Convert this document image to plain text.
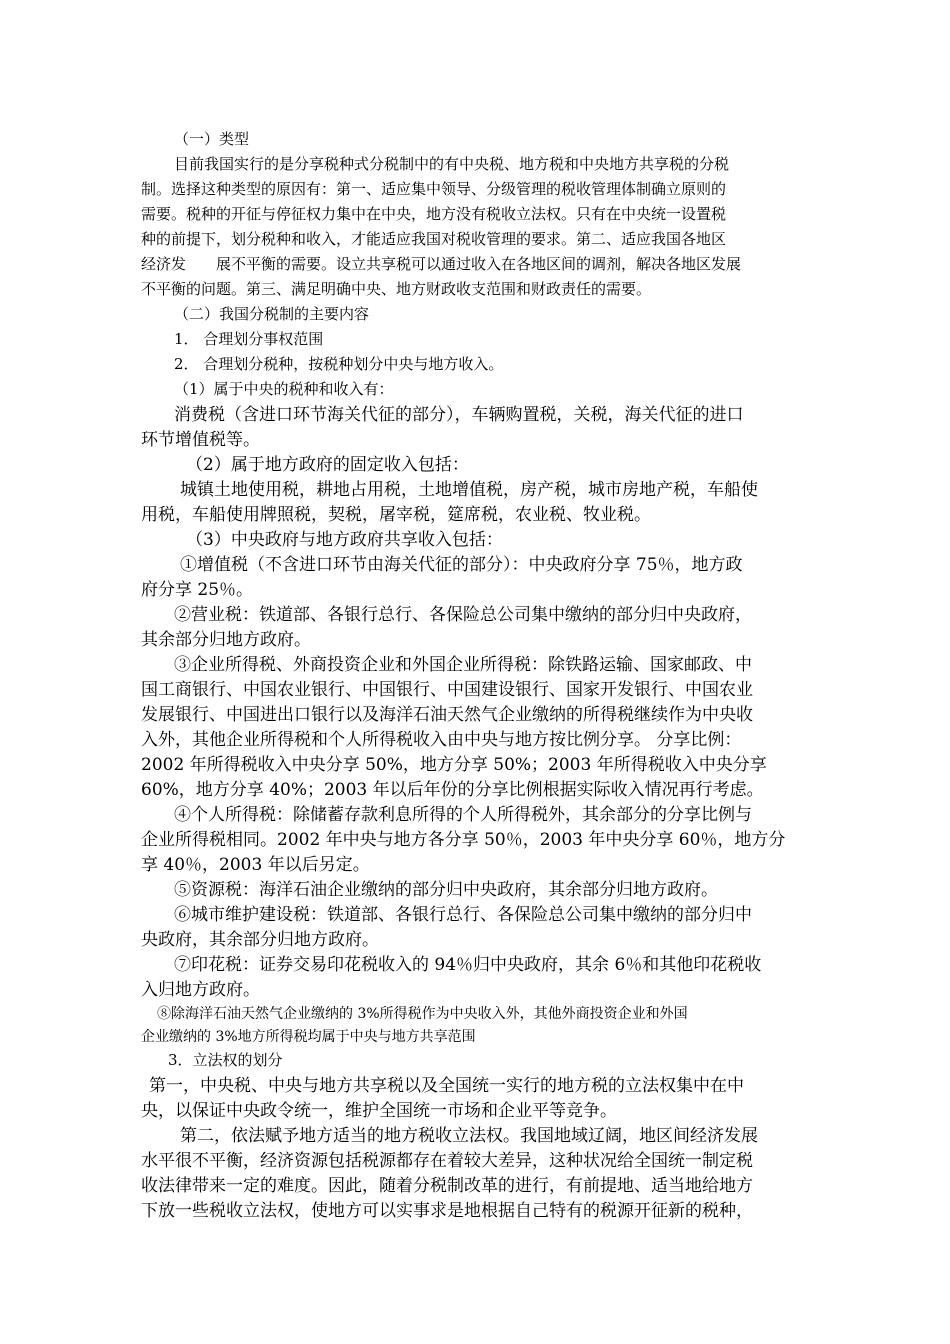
（一）类型
目前我国实行的是分享税种式分税制中的有中央税、地方税和中央地方共享税的分税
制。选择这种类型的原因有：第一、适应集中领导、分级管理的税收管理体制确立原则的
需要。税种的开征与停征权力集中在中央，地方没有税收立法权。只有在中央统一设置税
种的前提下，划分税种和收入，才能适应我国对税收管理的要求。第二、适应我国各地区
经济发　　展不平衡的需要。设立共享税可以通过收入在各地区间的调剂，解决各地区发展
不平衡的问题。第三、满足明确中央、地方财政收支范围和财政责任的需要。
（二）我国分税制的主要内容
1． 合理划分事权范围
2． 合理划分税种，按税种划分中央与地方收入。
（1）属于中央的税种和收入有：
消费税（含进口环节海关代征的部分），车辆购置税，关税，海关代征的进口
环节增值税等。
（2）属于地方政府的固定收入包括：
城镇土地使用税，耕地占用税，土地增值税，房产税，城市房地产税，车船使
用税，车船使用牌照税，契税，屠宰税，筵席税，农业税、牧业税。
（3）中央政府与地方政府共享收入包括：
①增值税（不含进口环节由海关代征的部分）：中央政府分享 75％，地方政
府分享 25％。
②营业税：铁道部、各银行总行、各保险总公司集中缴纳的部分归中央政府，
其余部分归地方政府。
③企业所得税、外商投资企业和外国企业所得税：除铁路运输、国家邮政、中
国工商银行、中国农业银行、中国银行、中国建设银行、国家开发银行、中国农业
发展银行、中国进出口银行以及海洋石油天然气企业缴纳的所得税继续作为中央收
入外，其他企业所得税和个人所得税收入由中央与地方按比例分享。 分享比例：
2002 年所得税收入中央分享 50%，地方分享 50%；2003 年所得税收入中央分享
60%，地方分享 40%；2003 年以后年份的分享比例根据实际收入情况再行考虑。
④个人所得税：除储蓄存款利息所得的个人所得税外，其余部分的分享比例与
企业所得税相同。2002 年中央与地方各分享 50％，2003 年中央分享 60％，地方分
享 40％，2003 年以后另定。
⑤资源税：海洋石油企业缴纳的部分归中央政府，其余部分归地方政府。
⑥城市维护建设税：铁道部、各银行总行、各保险总公司集中缴纳的部分归中
央政府，其余部分归地方政府。
⑦印花税：证券交易印花税收入的 94％归中央政府，其余 6％和其他印花税收
入归地方政府。
⑧除海洋石油天然气企业缴纳的 3%所得税作为中央收入外，其他外商投资企业和外国
企业缴纳的 3%地方所得税均属于中央与地方共享范围
3．立法权的划分
第一，中央税、中央与地方共享税以及全国统一实行的地方税的立法权集中在中
央，以保证中央政令统一，维护全国统一市场和企业平等竞争。
第二，依法赋予地方适当的地方税收立法权。我国地域辽阔，地区间经济发展
水平很不平衡，经济资源包括税源都存在着较大差异，这种状况给全国统一制定税
收法律带来一定的难度。因此，随着分税制改革的进行，有前提地、适当地给地方
下放一些税收立法权，使地方可以实事求是地根据自己特有的税源开征新的税种，
